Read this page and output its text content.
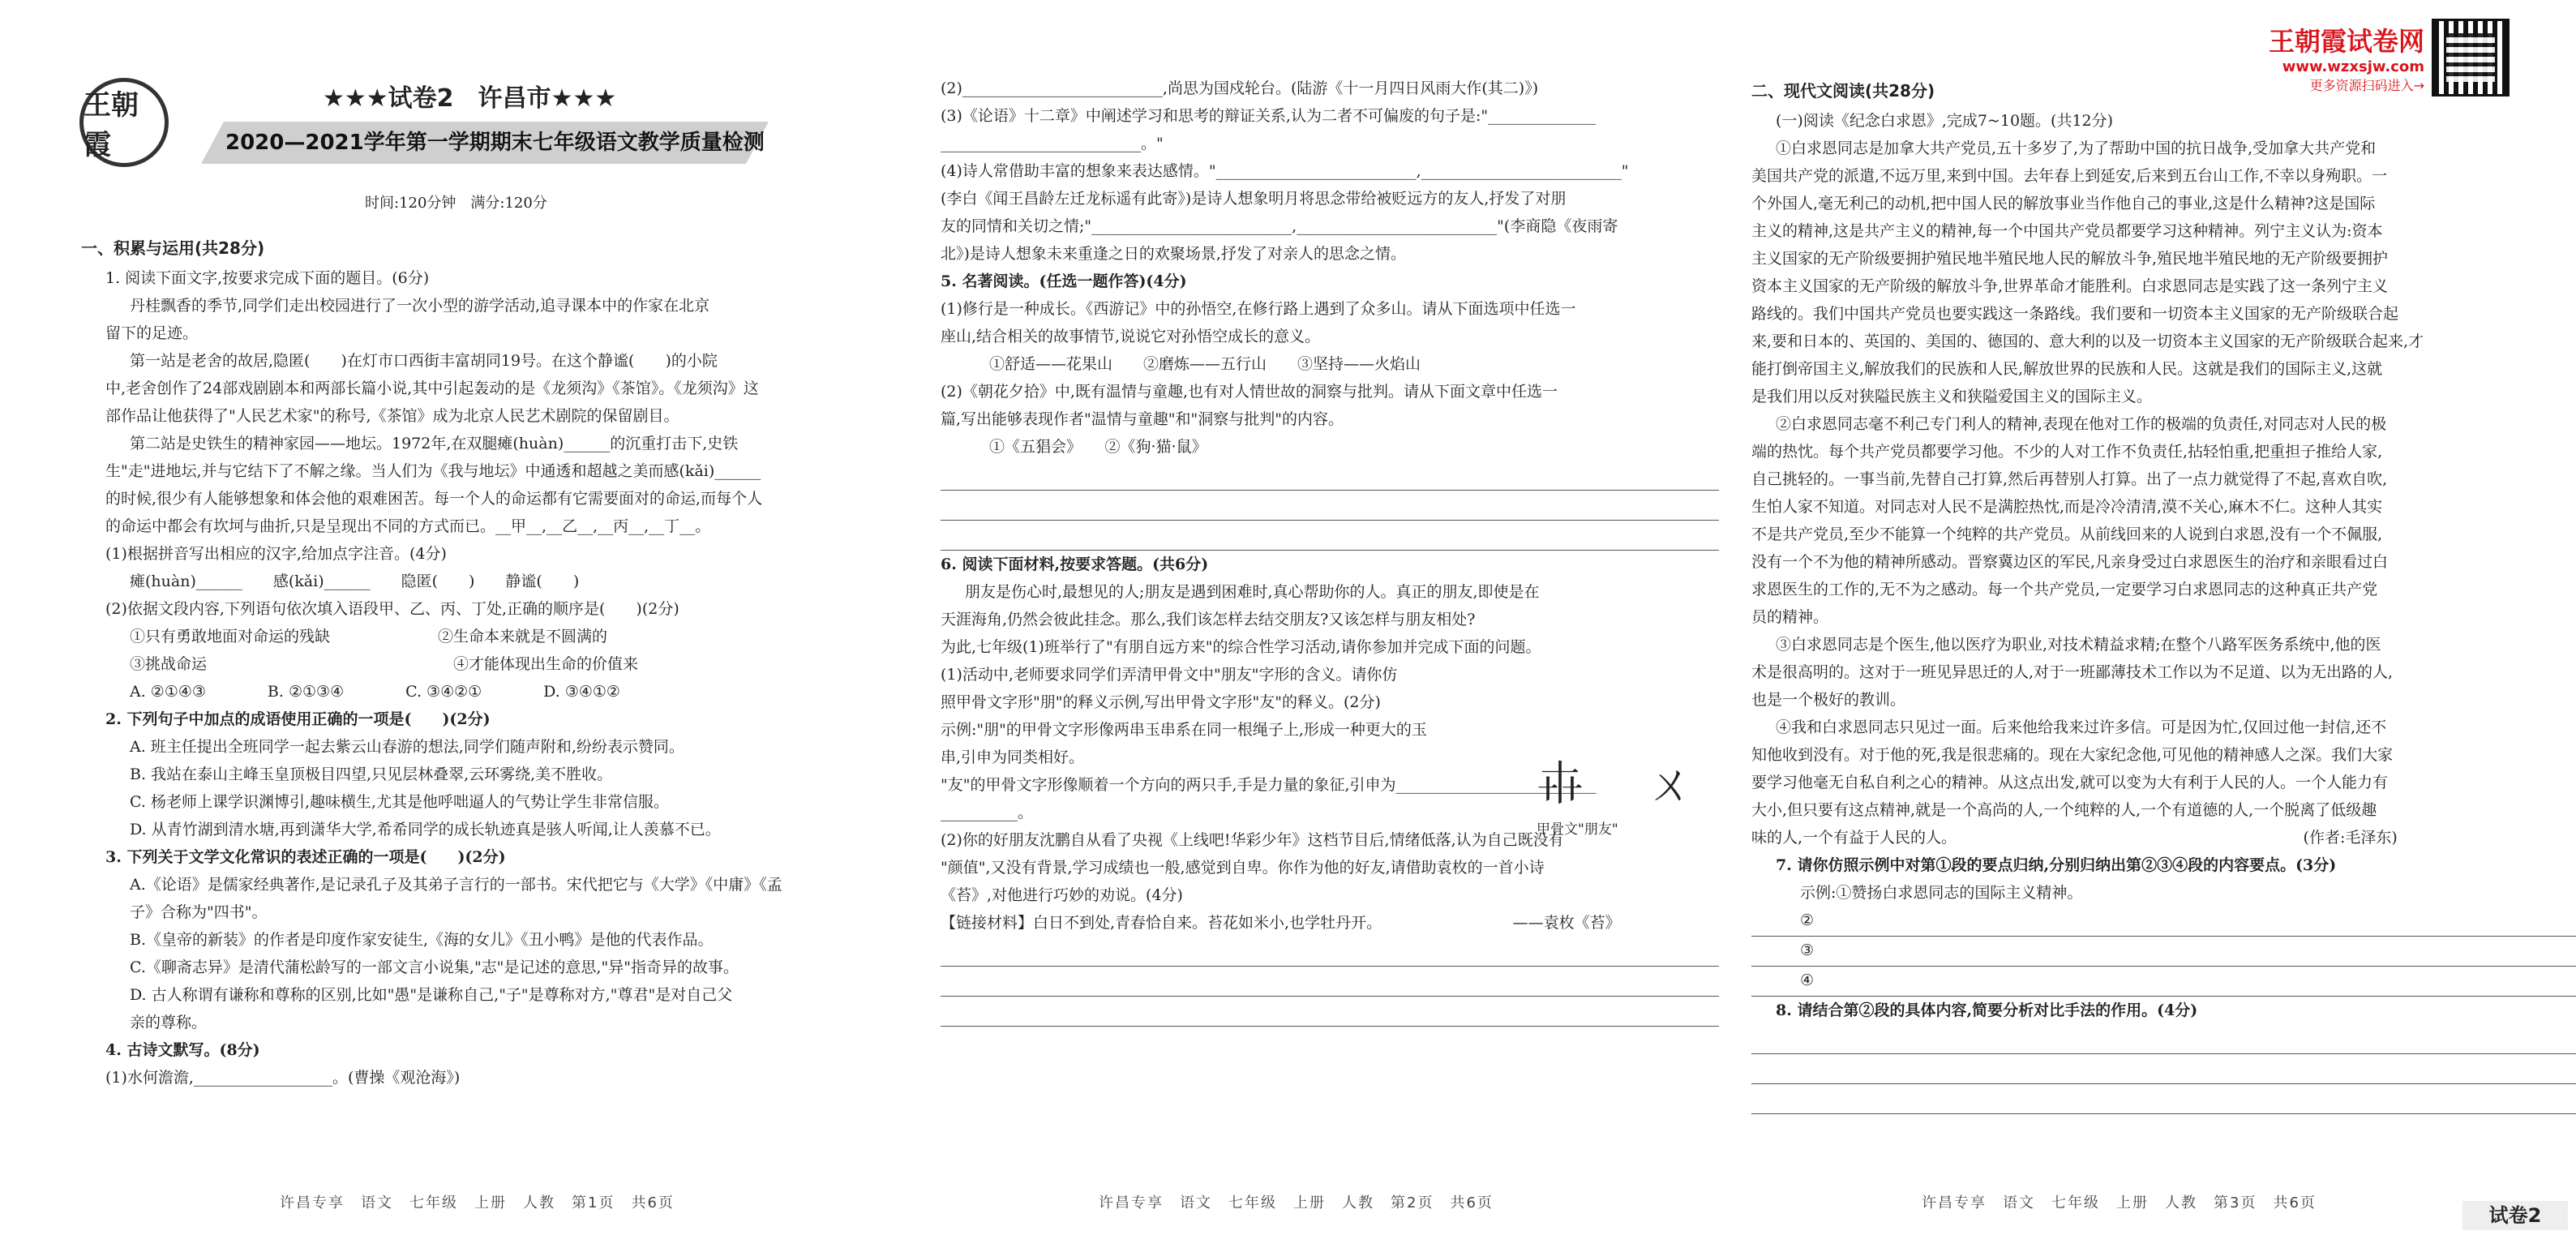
王朝霞
★★★试卷2　许昌市★★★
2020—2021学年第一学期期末七年级语文教学质量检测
时间:120分钟　满分:120分
王朝霞试卷网
www.wzxsjw.com
更多资源扫码进入→
一、积累与运用(共28分)
1. 阅读下面文字,按要求完成下面的题目。(6分)
丹桂飘香的季节,同学们走出校园进行了一次小型的游学活动,追寻课本中的作家在北京
留下的足迹。
第一站是老舍的故居,隐匿(　　)在灯市口西街丰富胡同19号。在这个静谧(　　)的小院
中,老舍创作了24部戏剧剧本和两部长篇小说,其中引起轰动的是《龙须沟》《茶馆》。《龙须沟》这
部作品让他获得了"人民艺术家"的称号,《茶馆》成为北京人民艺术剧院的保留剧目。
第二站是史铁生的精神家园——地坛。1972年,在双腿瘫(huàn)______的沉重打击下,史铁
生"走"进地坛,并与它结下了不解之缘。当人们为《我与地坛》中通透和超越之美而感(kǎi)______
的时候,很少有人能够想象和体会他的艰难困苦。每一个人的命运都有它需要面对的命运,而每个人
的命运中都会有坎坷与曲折,只是呈现出不同的方式而已。__甲__,__乙__,__丙__,__丁__。
(1)根据拼音写出相应的汉字,给加点字注音。(4分)
瘫(huàn)______　　感(kǎi)______　　隐匿(　　)　　静谧(　　)
(2)依据文段内容,下列语句依次填入语段甲、乙、丙、丁处,正确的顺序是(　　)(2分)
①只有勇敢地面对命运的残缺　　　　　　　②生命本来就是不圆满的
③挑战命运　　　　　　　　　　　　　　　　④才能体现出生命的价值来
A. ②①④③　　　　B. ②①③④　　　　C. ③④②①　　　　D. ③④①②
2. 下列句子中加点的成语使用正确的一项是(　　)(2分)
A. 班主任提出全班同学一起去紫云山春游的想法,同学们随声附和,纷纷表示赞同。
B. 我站在泰山主峰玉皇顶极目四望,只见层林叠翠,云环雾绕,美不胜收。
C. 杨老师上课学识渊博引,趣味横生,尤其是他呼咄逼人的气势让学生非常信服。
D. 从青竹湖到清水塘,再到潇华大学,希希同学的成长轨迹真是骇人听闻,让人羡慕不已。
3. 下列关于文学文化常识的表述正确的一项是(　　)(2分)
A.《论语》是儒家经典著作,是记录孔子及其弟子言行的一部书。宋代把它与《大学》《中庸》《孟
子》合称为"四书"。
B.《皇帝的新装》的作者是印度作家安徒生,《海的女儿》《丑小鸭》是他的代表作品。
C.《聊斋志异》是清代蒲松龄写的一部文言小说集,"志"是记述的意思,"异"指奇异的故事。
D. 古人称谓有谦称和尊称的区别,比如"愚"是谦称自己,"子"是尊称对方,"尊君"是对自己父
亲的尊称。
4. 古诗文默写。(8分)
(1)水何澹澹,__________________。(曹操《观沧海》)
(2)__________________________,尚思为国戍轮台。(陆游《十一月四日风雨大作(其二)》)
(3)《论语》十二章》中阐述学习和思考的辩证关系,认为二者不可偏废的句子是:"______________
__________________________。"
(4)诗人常借助丰富的想象来表达感情。"__________________________,__________________________"
(李白《闻王昌龄左迁龙标遥有此寄》)是诗人想象明月将思念带给被贬远方的友人,抒发了对朋
友的同情和关切之情;"__________________________,__________________________"(李商隐《夜雨寄
北》)是诗人想象未来重逢之日的欢聚场景,抒发了对亲人的思念之情。
5. 名著阅读。(任选一题作答)(4分)
(1)修行是一种成长。《西游记》中的孙悟空,在修行路上遇到了众多山。请从下面选项中任选一
座山,结合相关的故事情节,说说它对孙悟空成长的意义。
①舒适——花果山　　②磨炼——五行山　　③坚持——火焰山
(2)《朝花夕拾》中,既有温情与童趣,也有对人情世故的洞察与批判。请从下面文章中任选一
篇,写出能够表现作者"温情与童趣"和"洞察与批判"的内容。
①《五猖会》　　②《狗·猫·鼠》
6. 阅读下面材料,按要求答题。(共6分)
朋友是伤心时,最想见的人;朋友是遇到困难时,真心帮助你的人。真正的朋友,即使是在
天涯海角,仍然会彼此挂念。那么,我们该怎样去结交朋友?又该怎样与朋友相处?
为此,七年级(1)班举行了"有朋自远方来"的综合性学习活动,请你参加并完成下面的问题。
(1)活动中,老师要求同学们弄清甲骨文中"朋友"字形的含义。请你仿
照甲骨文字形"朋"的释义示例,写出甲骨文字形"友"的释义。(2分)
示例:"朋"的甲骨文字形像两串玉串系在同一根绳子上,形成一种更大的玉
串,引申为同类相好。
"友"的甲骨文字形像顺着一个方向的两只手,手是力量的象征,引申为__________________________
__________。
(2)你的好朋友沈鹏自从看了央视《上线吧!华彩少年》这档节目后,情绪低落,认为自己既没有
"颜值",又没有背景,学习成绩也一般,感觉到自卑。你作为他的好友,请借助袁枚的一首小诗
《苔》,对他进行巧妙的劝说。(4分)
【链接材料】白日不到处,青春恰自来。苔花如米小,也学牡丹开。　　　　　　　　　——袁枚《苔》
二、现代文阅读(共28分)
(一)阅读《纪念白求恩》,完成7~10题。(共12分)
①白求恩同志是加拿大共产党员,五十多岁了,为了帮助中国的抗日战争,受加拿大共产党和
美国共产党的派遣,不远万里,来到中国。去年春上到延安,后来到五台山工作,不幸以身殉职。一
个外国人,毫无利己的动机,把中国人民的解放事业当作他自己的事业,这是什么精神?这是国际
主义的精神,这是共产主义的精神,每一个中国共产党员都要学习这种精神。列宁主义认为:资本
主义国家的无产阶级要拥护殖民地半殖民地人民的解放斗争,殖民地半殖民地的无产阶级要拥护
资本主义国家的无产阶级的解放斗争,世界革命才能胜利。白求恩同志是实践了这一条列宁主义
路线的。我们中国共产党员也要实践这一条路线。我们要和一切资本主义国家的无产阶级联合起
来,要和日本的、英国的、美国的、德国的、意大利的以及一切资本主义国家的无产阶级联合起来,才
能打倒帝国主义,解放我们的民族和人民,解放世界的民族和人民。这就是我们的国际主义,这就
是我们用以反对狭隘民族主义和狭隘爱国主义的国际主义。
②白求恩同志毫不利己专门利人的精神,表现在他对工作的极端的负责任,对同志对人民的极
端的热忱。每个共产党员都要学习他。不少的人对工作不负责任,拈轻怕重,把重担子推给人家,
自己挑轻的。一事当前,先替自己打算,然后再替别人打算。出了一点力就觉得了不起,喜欢自吹,
生怕人家不知道。对同志对人民不是满腔热忱,而是冷冷清清,漠不关心,麻木不仁。这种人其实
不是共产党员,至少不能算一个纯粹的共产党员。从前线回来的人说到白求恩,没有一个不佩服,
没有一个不为他的精神所感动。晋察冀边区的军民,凡亲身受过白求恩医生的治疗和亲眼看过白
求恩医生的工作的,无不为之感动。每一个共产党员,一定要学习白求恩同志的这种真正共产党
员的精神。
③白求恩同志是个医生,他以医疗为职业,对技术精益求精;在整个八路军医务系统中,他的医
术是很高明的。这对于一班见异思迁的人,对于一班鄙薄技术工作以为不足道、以为无出路的人,
也是一个极好的教训。
④我和白求恩同志只见过一面。后来他给我来过许多信。可是因为忙,仅回过他一封信,还不
知他收到没有。对于他的死,我是很悲痛的。现在大家纪念他,可见他的精神感人之深。我们大家
要学习他毫无自私自利之心的精神。从这点出发,就可以变为大有利于人民的人。一个人能力有
大小,但只要有这点精神,就是一个高尚的人,一个纯粹的人,一个有道德的人,一个脱离了低级趣
味的人,一个有益于人民的人。　　　　　　　　　　　　　　　　　　　　　　　(作者:毛泽东)
7. 请你仿照示例中对第①段的要点归纳,分别归纳出第②③④段的内容要点。(3分)
示例:①赞扬白求恩同志的国际主义精神。
②
③
④
8. 请结合第②段的具体内容,简要分析对比手法的作用。(4分)
𠦃 ㄨ
甲骨文"朋友"
许昌专享　语文　七年级　上册　人教　第1页　共6页	许昌专享　语文　七年级　上册　人教　第2页　共6页	许昌专享　语文　七年级　上册　人教　第3页　共6页
试卷2
